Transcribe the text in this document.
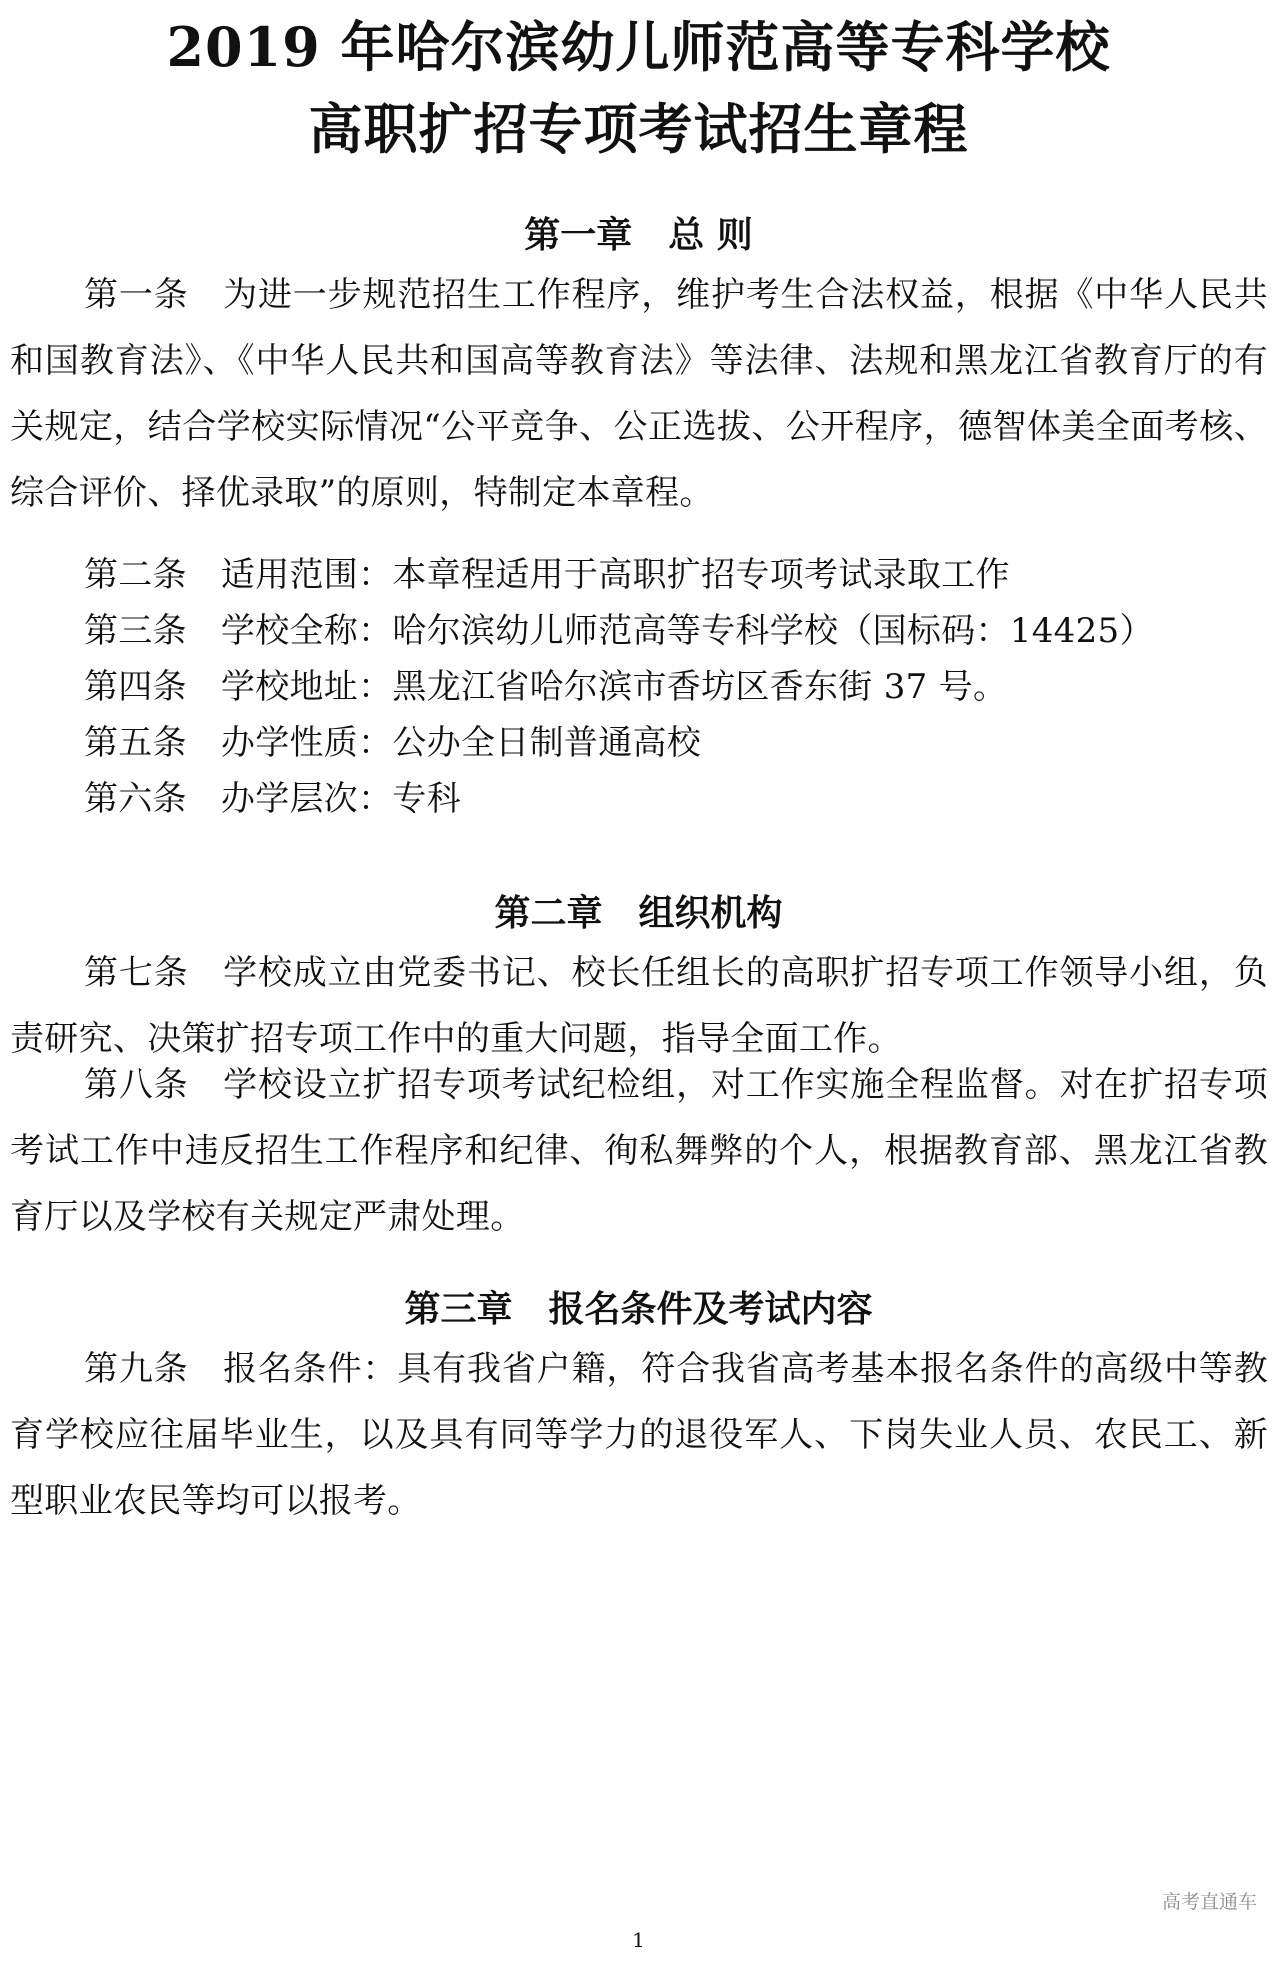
2019 年哈尔滨幼儿师范高等专科学校
高职扩招专项考试招生章程
第一章　总 则

第一条 为进一步规范招生工作程序，维护考生合法权益，根据《中华人民共和国教育法》、《中华人民共和国高等教育法》等法律、法规和黑龙江省教育厅的有关规定，结合学校实际情况“公平竞争、公正选拔、公开程序，德智体美全面考核、综合评价、择优录取”的原则，特制定本章程。

第二条 适用范围：本章程适用于高职扩招专项考试录取工作

第三条 学校全称：哈尔滨幼儿师范高等专科学校（国标码：14425）

第四条 学校地址：黑龙江省哈尔滨市香坊区香东街 37 号。

第五条 办学性质：公办全日制普通高校

第六条 办学层次：专科

第二章　组织机构

第七条 学校成立由党委书记、校长任组长的高职扩招专项工作领导小组，负责研究、决策扩招专项工作中的重大问题，指导全面工作。

第八条 学校设立扩招专项考试纪检组，对工作实施全程监督。对在扩招专项考试工作中违反招生工作程序和纪律、徇私舞弊的个人，根据教育部、黑龙江省教育厅以及学校有关规定严肃处理。

第三章　报名条件及考试内容

第九条 报名条件：具有我省户籍，符合我省高考基本报名条件的高级中等教育学校应往届毕业生，以及具有同等学力的退役军人、下岗失业人员、农民工、新型职业农民等均可以报考。

高考直通车
1
